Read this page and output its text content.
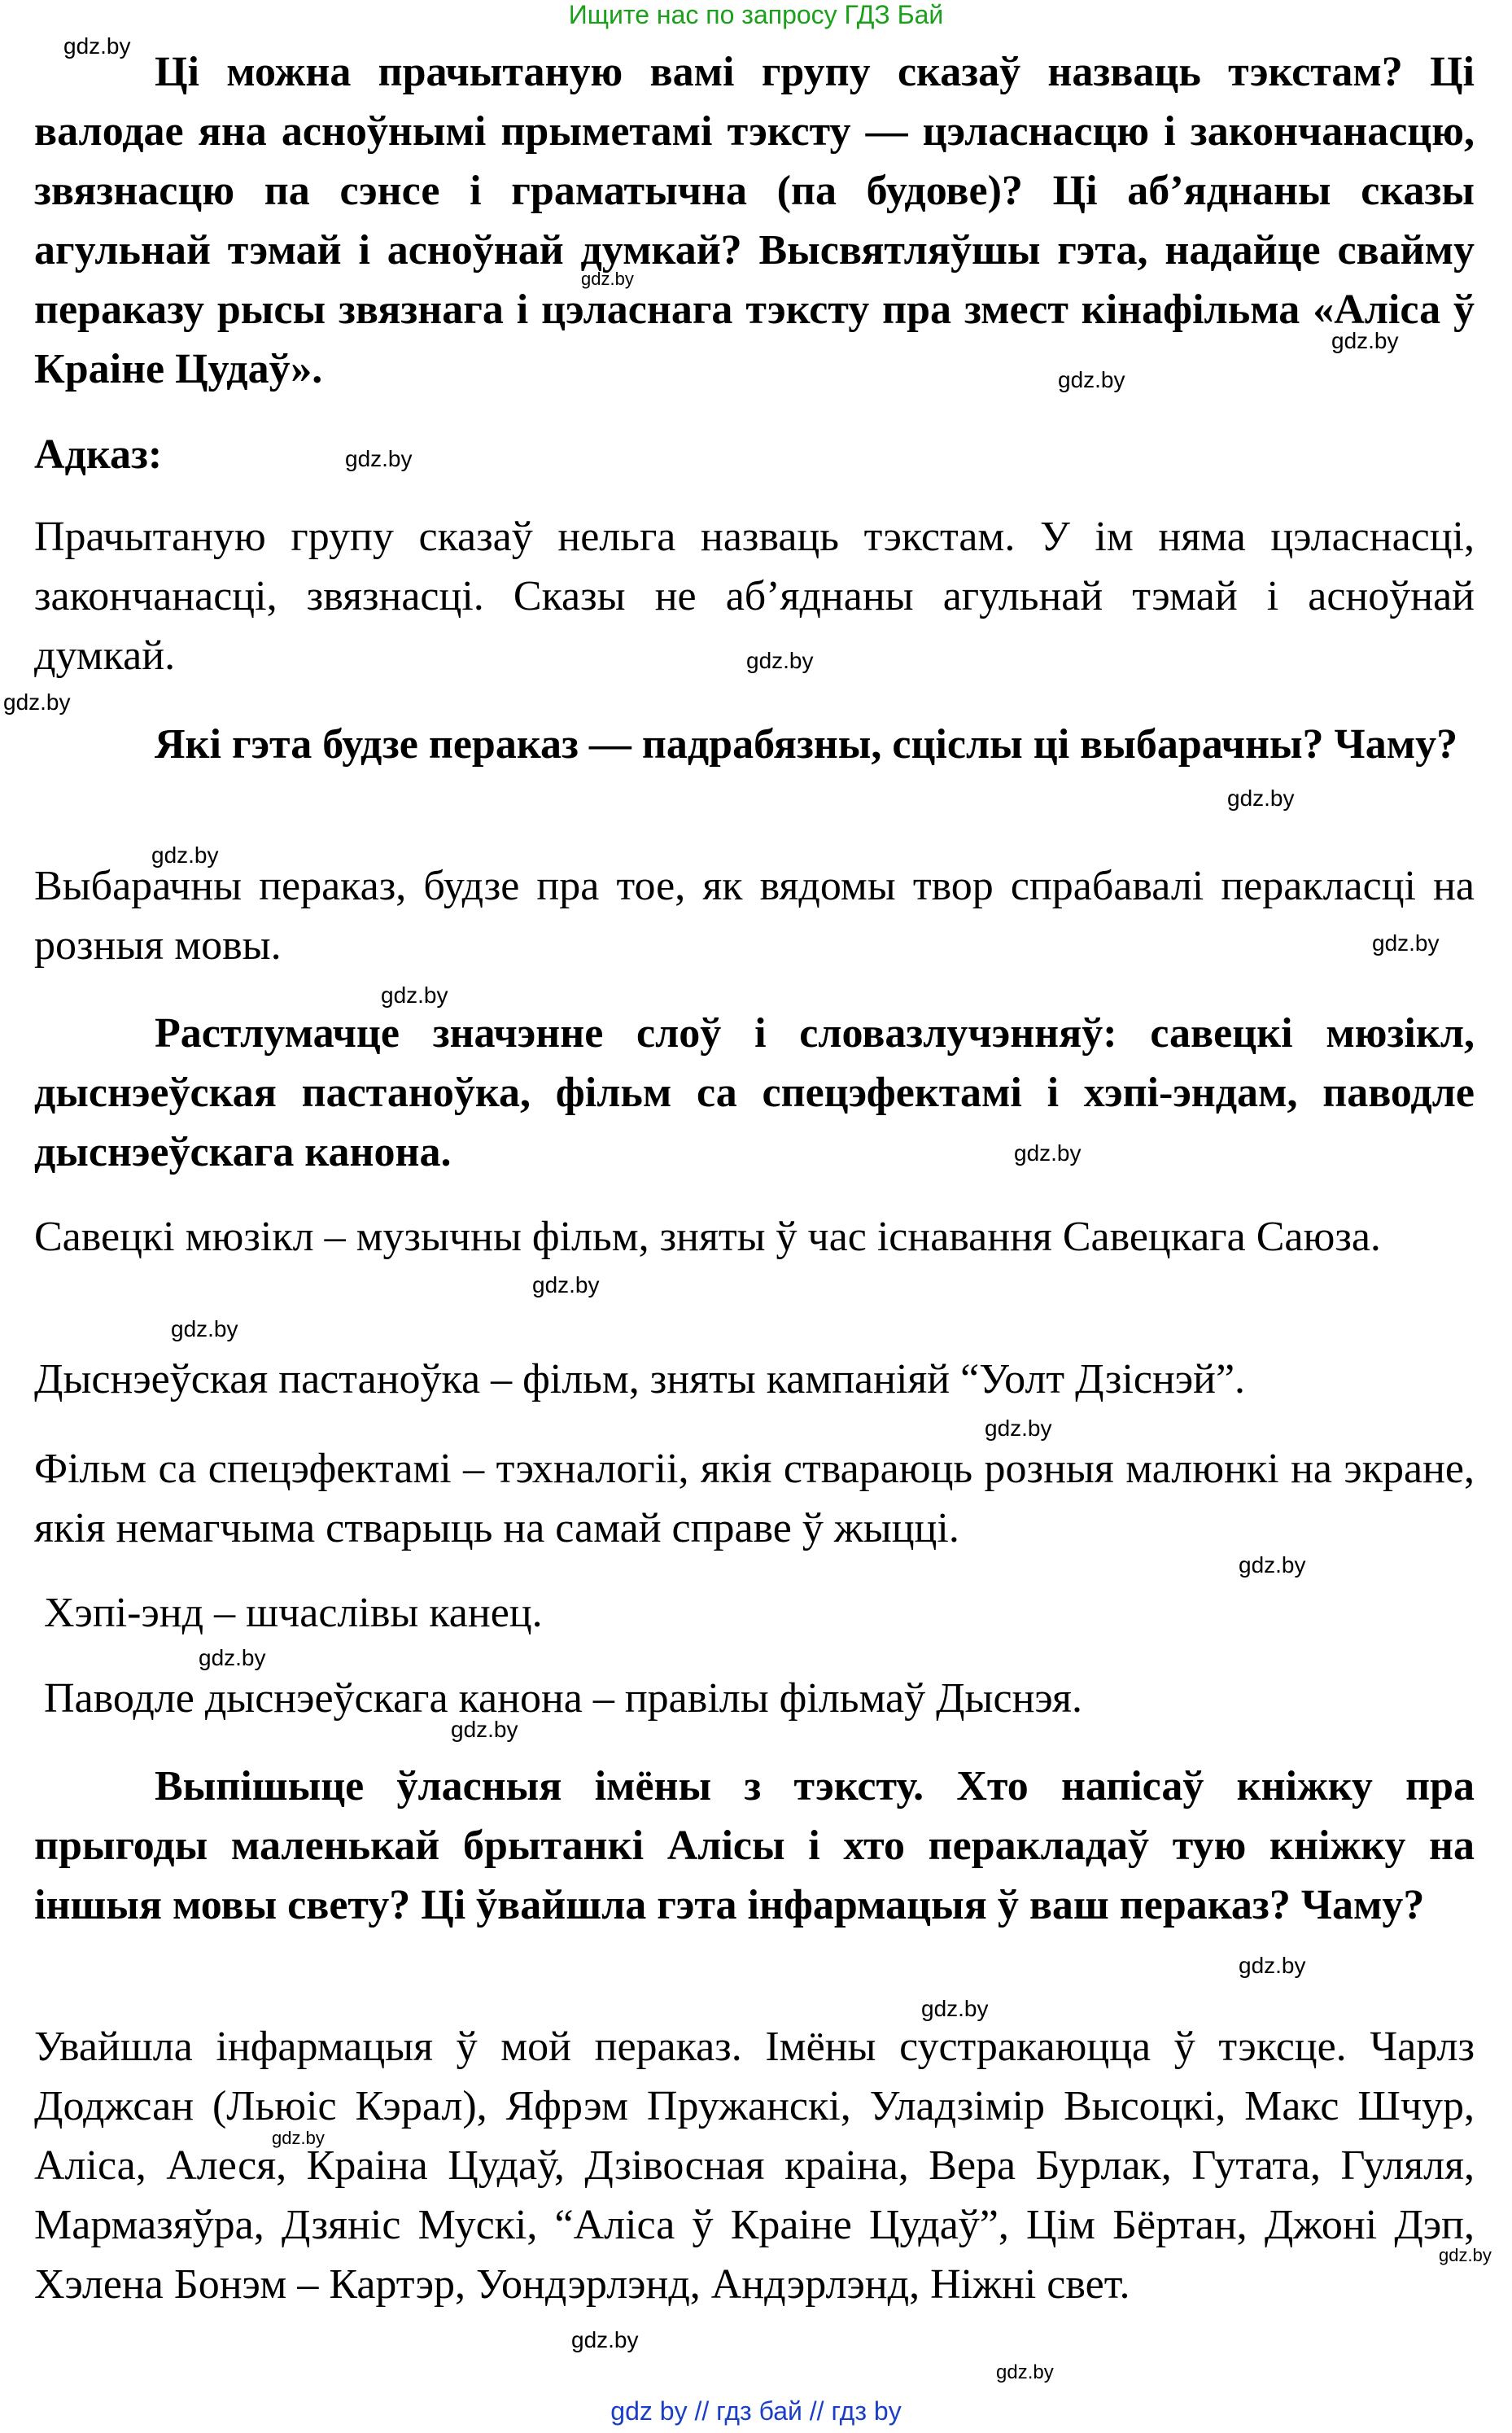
Ищите нас по запросу ГДЗ Бай
Ці можна прачытаную вамі групу сказаў назваць тэкстам? Ці валодае яна асноўнымі прыметамі тэксту — цэласнасцю і закончанасцю, звязнасцю па сэнсе і граматычна (па будове)? Ці аб’яднаны сказы агульнай тэмай і асноўнай думкай? Высвятляўшы гэта, надайце свайму пераказу рысы звязнага і цэласнага тэксту пра змест кінафільма «Аліса ў Краіне Цудаў».
Адказ:
Прачытаную групу сказаў нельга назваць тэкстам. У ім няма цэласнасці, закончанасці, звязнасці. Сказы не аб’яднаны агульнай тэмай і асноўнай думкай.
Які гэта будзе пераказ — падрабязны, сціслы ці выбарачны? Чаму?
Выбарачны пераказ, будзе пра тое, як вядомы твор спрабавалі перакласці на розныя мовы.
Растлумачце значэнне слоў і словазлучэнняў: савецкі мюзікл, дыснэеўская пастаноўка, фільм са спецэфектамі і хэпі-эндам, паводле дыснэеўскага канона.
Савецкі мюзікл – музычны фільм, зняты ў час існавання Савецкага Саюза.
Дыснэеўская пастаноўка – фільм, зняты кампаніяй “Уолт Дзіснэй”.
Фільм са спецэфектамі – тэхналогіі, якія ствараюць розныя малюнкі на экране, якія немагчыма стварыць на самай справе ў жыцці.
Хэпі-энд – шчаслівы канец.
Паводле дыснэеўскага канона – правілы фільмаў Дыснэя.
Выпішыце ўласныя імёны з тэксту. Хто напісаў кніжку пра прыгоды маленькай брытанкі Алісы і хто перакладаў тую кніжку на іншыя мовы свету? Ці ўвайшла гэта інфармацыя ў ваш пераказ? Чаму?
Увайшла інфармацыя ў мой пераказ. Імёны сустракаюцца ў тэксце. Чарлз Доджсан (Льюіс Кэрал), Яфрэм Пружанскі, Уладзімір Высоцкі, Макс Шчур, Аліса, Алеся, Краіна Цудаў, Дзівосная краіна, Вера Бурлак, Гутата, Гуляля, Мармазяўра, Дзяніс Мускі, “Аліса ў Краіне Цудаў”, Цім Бёртан, Джоні Дэп, Хэлена Бонэм – Картэр, Уондэрлэнд, Андэрлэнд, Ніжні свет.
gdz.by
gdz.by
gdz.by
gdz.by
gdz.by
gdz.by
gdz.by
gdz.by
gdz.by
gdz.by
gdz.by
gdz.by
gdz.by
gdz.by
gdz.by
gdz.by
gdz.by
gdz.by
gdz.by
gdz.by
gdz.by
gdz.by
gdz.by
gdz.by
gdz by // гдз бай // гдз by
